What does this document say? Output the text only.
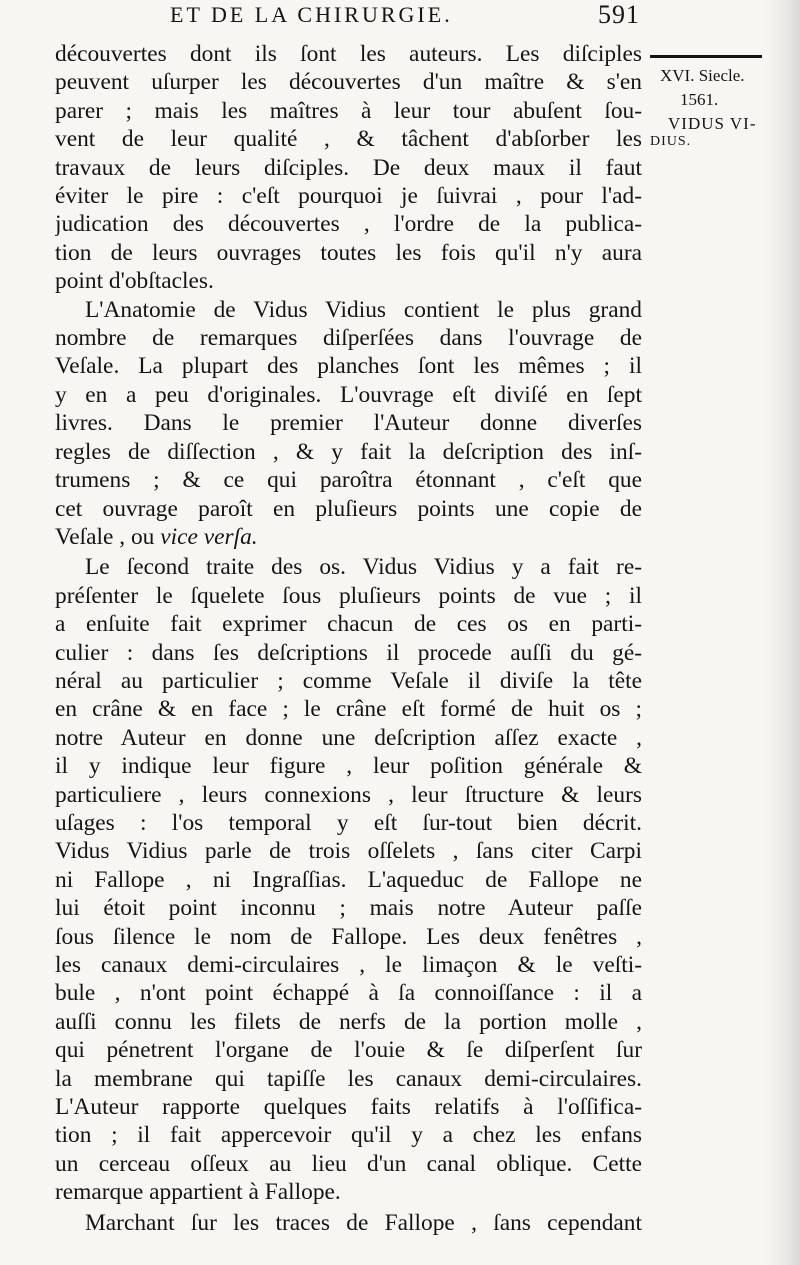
ET DE LA CHIRURGIE.	591
découvertes dont ils ſont les auteurs. Les diſciples
peuvent uſurper les découvertes d'un maître & s'en
parer ; mais les maîtres à leur tour abuſent ſou-
vent de leur qualité , & tâchent d'abſorber les
travaux de leurs diſciples. De deux maux il faut
éviter le pire : c'eſt pourquoi je ſuivrai , pour l'ad-
judication des découvertes , l'ordre de la publica-
tion de leurs ouvrages toutes les fois qu'il n'y aura
point d'obſtacles.
L'Anatomie de Vidus Vidius contient le plus grand
nombre de remarques diſperſées dans l'ouvrage de
Veſale. La plupart des planches ſont les mêmes ; il
y en a peu d'originales. L'ouvrage eſt diviſé en ſept
livres. Dans le premier l'Auteur donne diverſes
regles de diſſection , & y fait la deſcription des inſ-
trumens ; & ce qui paroîtra étonnant , c'eſt que
cet ouvrage paroît en pluſieurs points une copie de
Veſale , ou vice verſa.
Le ſecond traite des os. Vidus Vidius y a fait re-
préſenter le ſquelete ſous pluſieurs points de vue ; il
a enſuite fait exprimer chacun de ces os en parti-
culier : dans ſes deſcriptions il procede auſſi du gé-
néral au particulier ; comme Veſale il diviſe la tête
en crâne & en face ; le crâne eſt formé de huit os ;
notre Auteur en donne une deſcription aſſez exacte ,
il y indique leur figure , leur poſition générale &
particuliere , leurs connexions , leur ſtructure & leurs
uſages : l'os temporal y eſt ſur-tout bien décrit.
Vidus Vidius parle de trois oſſelets , ſans citer Carpi
ni Fallope , ni Ingraſſias. L'aqueduc de Fallope ne
lui étoit point inconnu ; mais notre Auteur paſſe
ſous ſilence le nom de Fallope. Les deux fenêtres ,
les canaux demi-circulaires , le limaçon & le veſti-
bule , n'ont point échappé à ſa connoiſſance : il a
auſſi connu les filets de nerfs de la portion molle ,
qui pénetrent l'organe de l'ouie & ſe diſperſent ſur
la membrane qui tapiſſe les canaux demi-circulaires.
L'Auteur rapporte quelques faits relatifs à l'oſſifica-
tion ; il fait appercevoir qu'il y a chez les enfans
un cerceau oſſeux au lieu d'un canal oblique. Cette
remarque appartient à Fallope.
Marchant ſur les traces de Fallope , ſans cependant
XVI. Siecle.
1561.
VIDUS VI-
DIUS.
